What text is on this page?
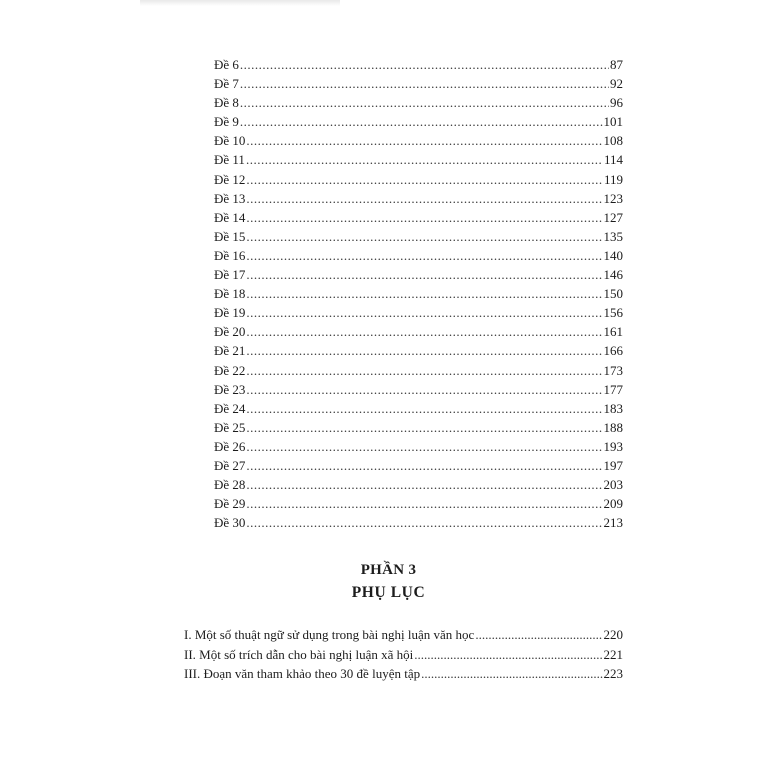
Đề 6 .....	87
Đề 7 .....	92
Đề 8 .....	96
Đề 9 .....	101
Đề 10 .....	108
Đề 11 .....	114
Đề 12 .....	119
Đề 13 .....	123
Đề 14 .....	127
Đề 15 .....	135
Đề 16 .....	140
Đề 17 .....	146
Đề 18 .....	150
Đề 19 .....	156
Đề 20 .....	161
Đề 21 .....	166
Đề 22 .....	173
Đề 23 .....	177
Đề 24 .....	183
Đề 25 .....	188
Đề 26 .....	193
Đề 27 .....	197
Đề 28 .....	203
Đề 29 .....	209
Đề 30 .....	213
PHẦN 3
PHỤ LỤC
I. Một số thuật ngữ sử dụng trong bài nghị luận văn học .....	220
II. Một số trích dẫn cho bài nghị luận xã hội .....	221
III. Đoạn văn tham khảo theo 30 đề luyện tập .....	223
